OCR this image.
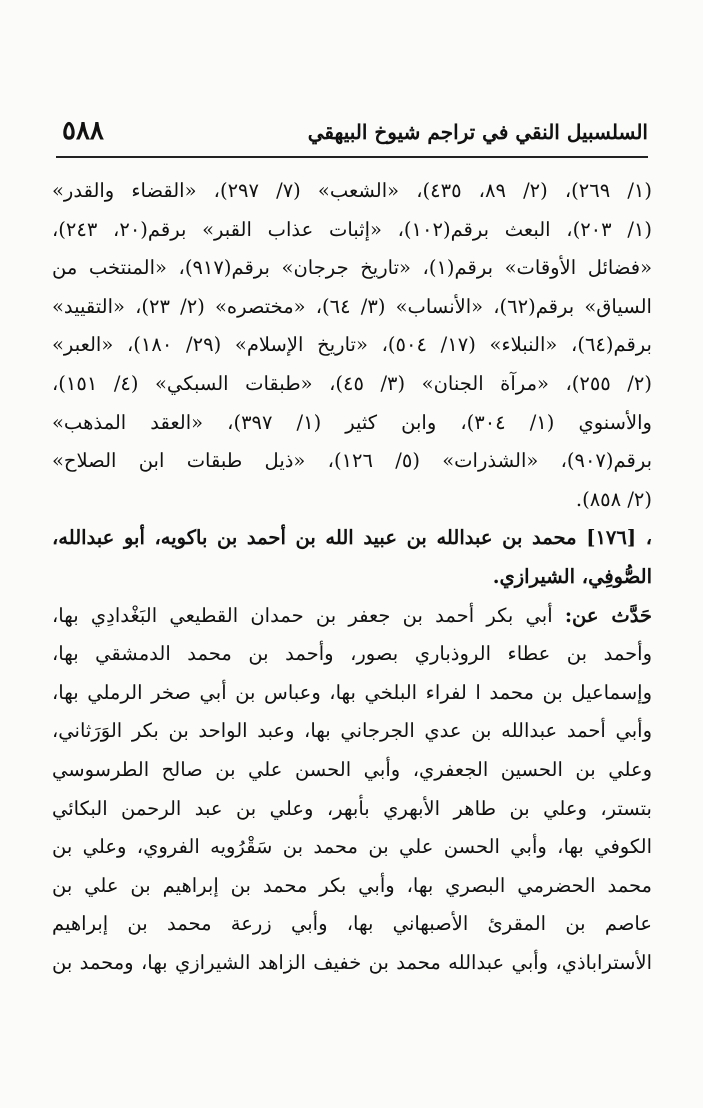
٥٨٨	السلسبيل النقي في تراجم شيوخ البيهقي
(١/ ٢٦٩)، (٢/ ٨٩، ٤٣٥)، «الشعب» (٧/ ٢٩٧)، «القضاء والقدر»
(١/ ٢٠٣)، البعث برقم(١٠٢)، «إثبات عذاب القبر» برقم(٢٠، ٢٤٣)،
«فضائل الأوقات» برقم(١)، «تاريخ جرجان» برقم(٩١٧)، «المنتخب من
السياق» برقم(٦٢)، «الأنساب» (٣/ ٦٤)، «مختصره» (٢/ ٢٣)، «التقييد»
برقم(٦٤)، «النبلاء» (١٧/ ٥٠٤)، «تاريخ الإسلام» (٢٩/ ١٨٠)، «العبر»
(٢/ ٢٥٥)، «مرآة الجنان» (٣/ ٤٥)، «طبقات السبكي» (٤/ ١٥١)،
والأسنوي (١/ ٣٠٤)، وابن كثير (١/ ٣٩٧)، «العقد المذهب»
برقم(٩٠٧)، «الشذرات» (٥/ ١٢٦)، «ذيل طبقات ابن الصلاح»
(٢/ ٨٥٨).
، [١٧٦] محمد بن عبدالله بن عبيد الله بن أحمد بن باكويه، أبو عبدالله،
الصُّوفِي، الشيرازي.
حَدَّث عن: أبي بكر أحمد بن جعفر بن حمدان القطيعي البَغْدادِي بها،
وأحمد بن عطاء الروذباري بصور، وأحمد بن محمد الدمشقي بها،
وإسماعيل بن محمد ا لفراء البلخي بها، وعباس بن أبي صخر الرملي بها،
وأبي أحمد عبدالله بن عدي الجرجاني بها، وعبد الواحد بن بكر الوَرَثاني،
وعلي بن الحسين الجعفري، وأبي الحسن علي بن صالح الطرسوسي
بتستر، وعلي بن طاهر الأبهري بأبهر، وعلي بن عبد الرحمن البكائي
الكوفي بها، وأبي الحسن علي بن محمد بن سَقْرُويه الفروي، وعلي بن
محمد الحضرمي البصري بها، وأبي بكر محمد بن إبراهيم بن علي بن
عاصم بن المقرئ الأصبهاني بها، وأبي زرعة محمد بن إبراهيم
الأستراباذي، وأبي عبدالله محمد بن خفيف الزاهد الشيرازي بها، ومحمد بن
